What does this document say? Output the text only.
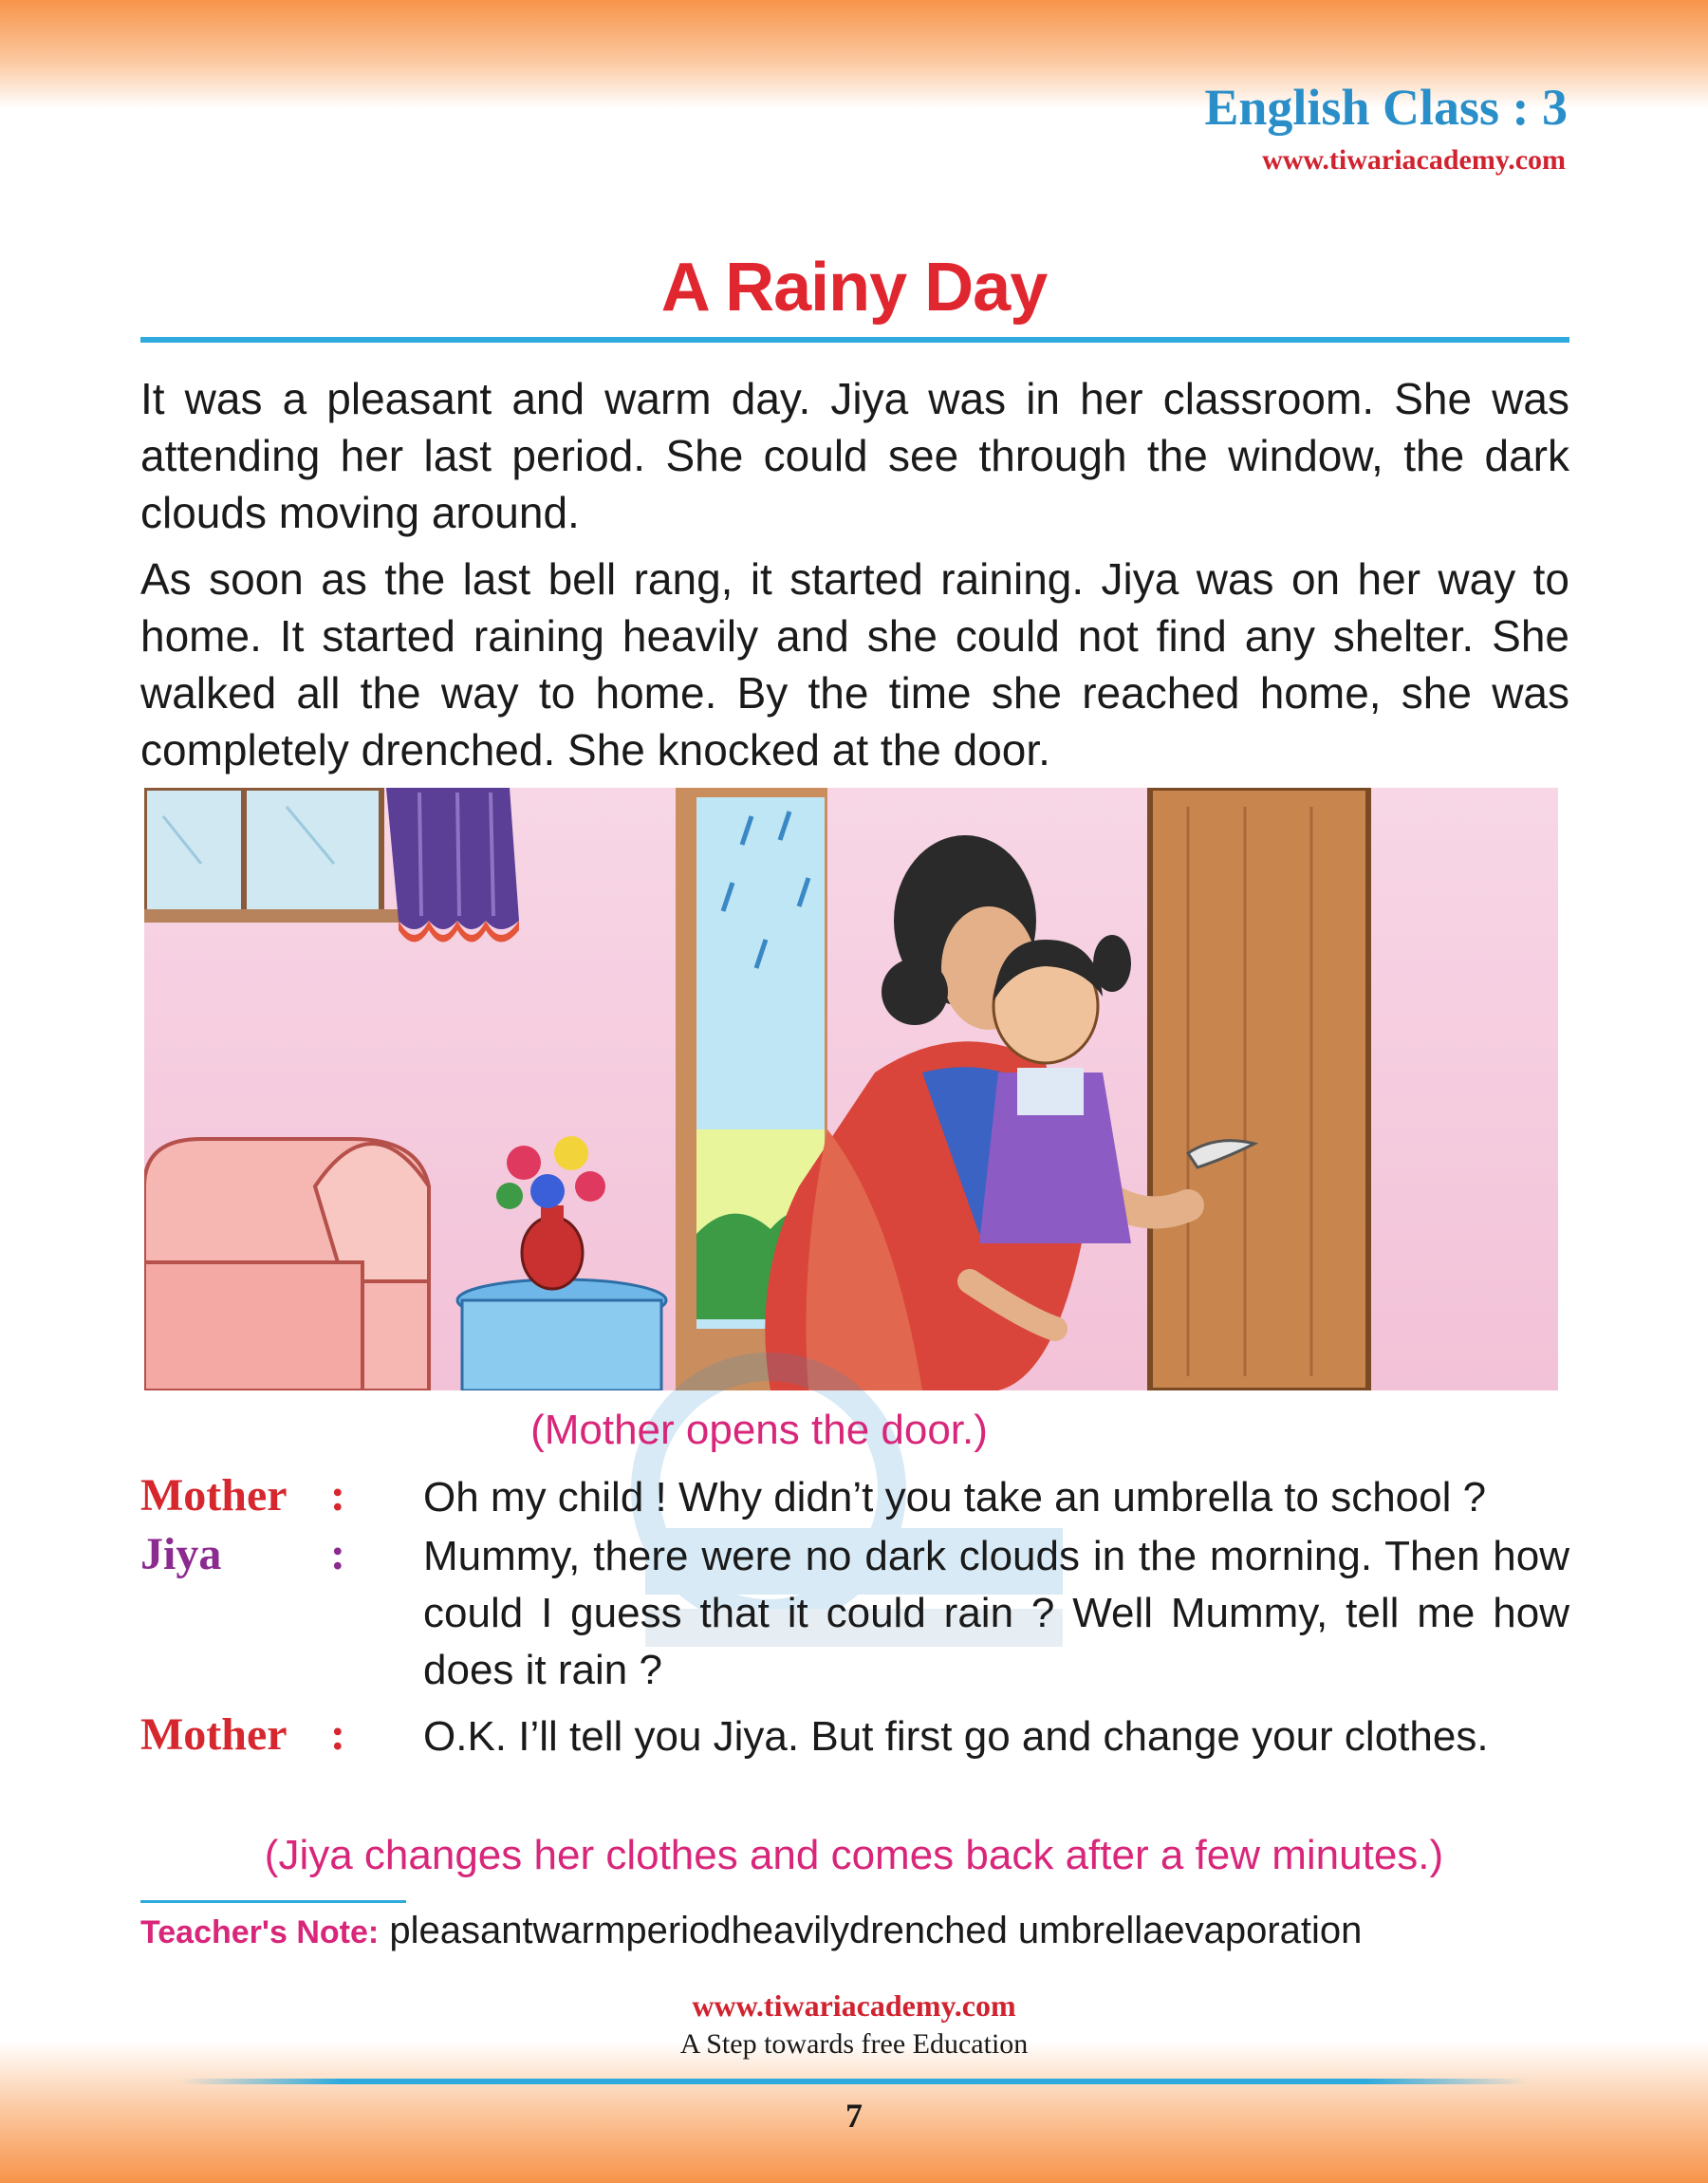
English Class : 3
www.tiwariacademy.com
A Rainy Day

It was a pleasant and warm day. Jiya was in her classroom. She was attending her last period. She could see through the window, the dark clouds moving around.

As soon as the last bell rang, it started raining. Jiya was on her way to home. It started raining heavily and she could not find any shelter. She walked all the way to home. By the time she reached home, she was completely drenched. She knocked at the door.

(Mother opens the door.)
Mother : Oh my child ! Why didn’t you take an umbrella to school ?

Jiya : Mummy, there were no dark clouds in the morning. Then how could I guess that it could rain ? Well Mummy, tell me how does it rain ?

Mother : O.K. I’ll tell you Jiya. But first go and change your clothes.

(Jiya changes her clothes and comes back after a few minutes.)
Teacher's Note: pleasantwarmperiodheavilydrenched umbrellaevaporation
www.tiwariacademy.com
A Step towards free Education
7
